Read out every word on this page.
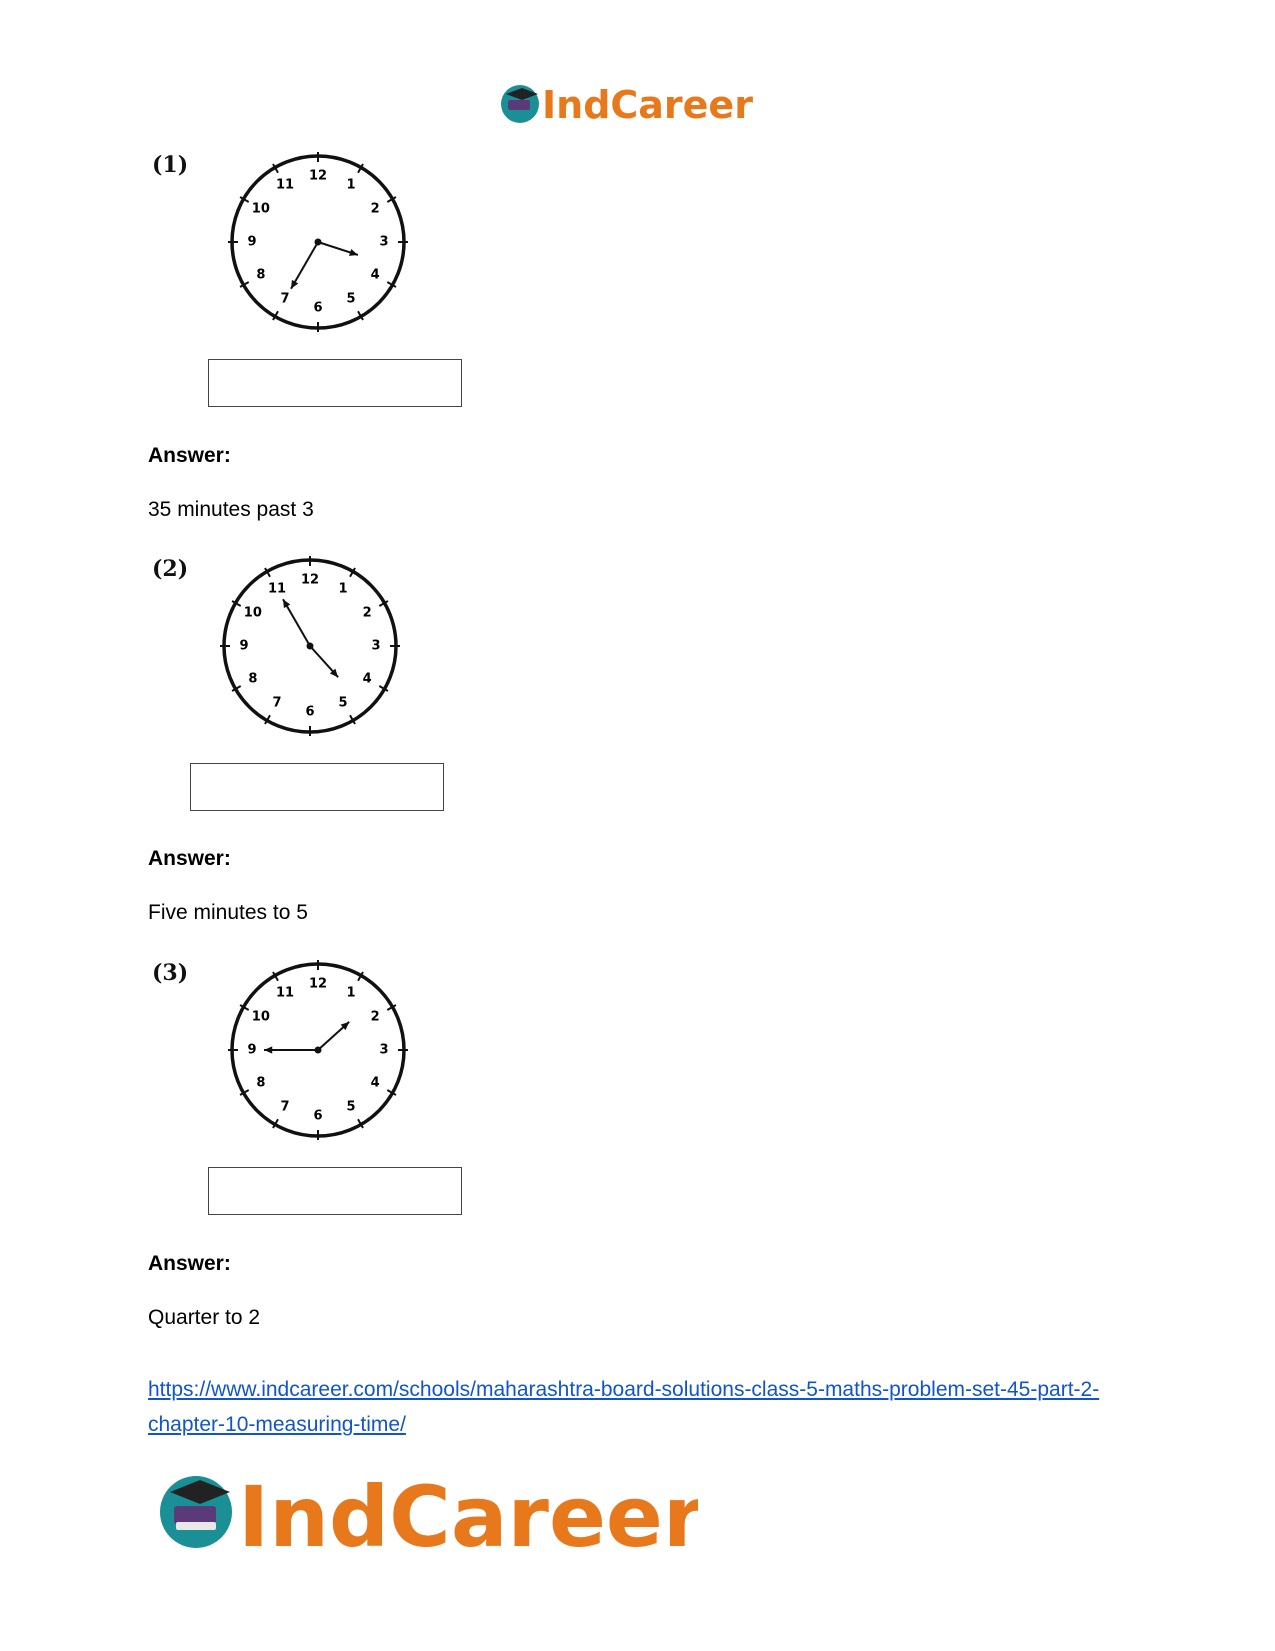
IndCareer
(1)	12
1
2
3
4
5
6
7
8
9
10
11
Answer:
35 minutes past 3
(2)	12
1
2
3
4
5
6
7
8
9
10
11
Answer:
Five minutes to 5
(3)	12
1
2
3
4
5
6
7
8
9
10
11
Answer:
Quarter to 2
https://www.indcareer.com/schools/maharashtra-board-solutions-class-5-maths-problem-set-45-part-2-chapter-10-measuring-time/
IndCareer
